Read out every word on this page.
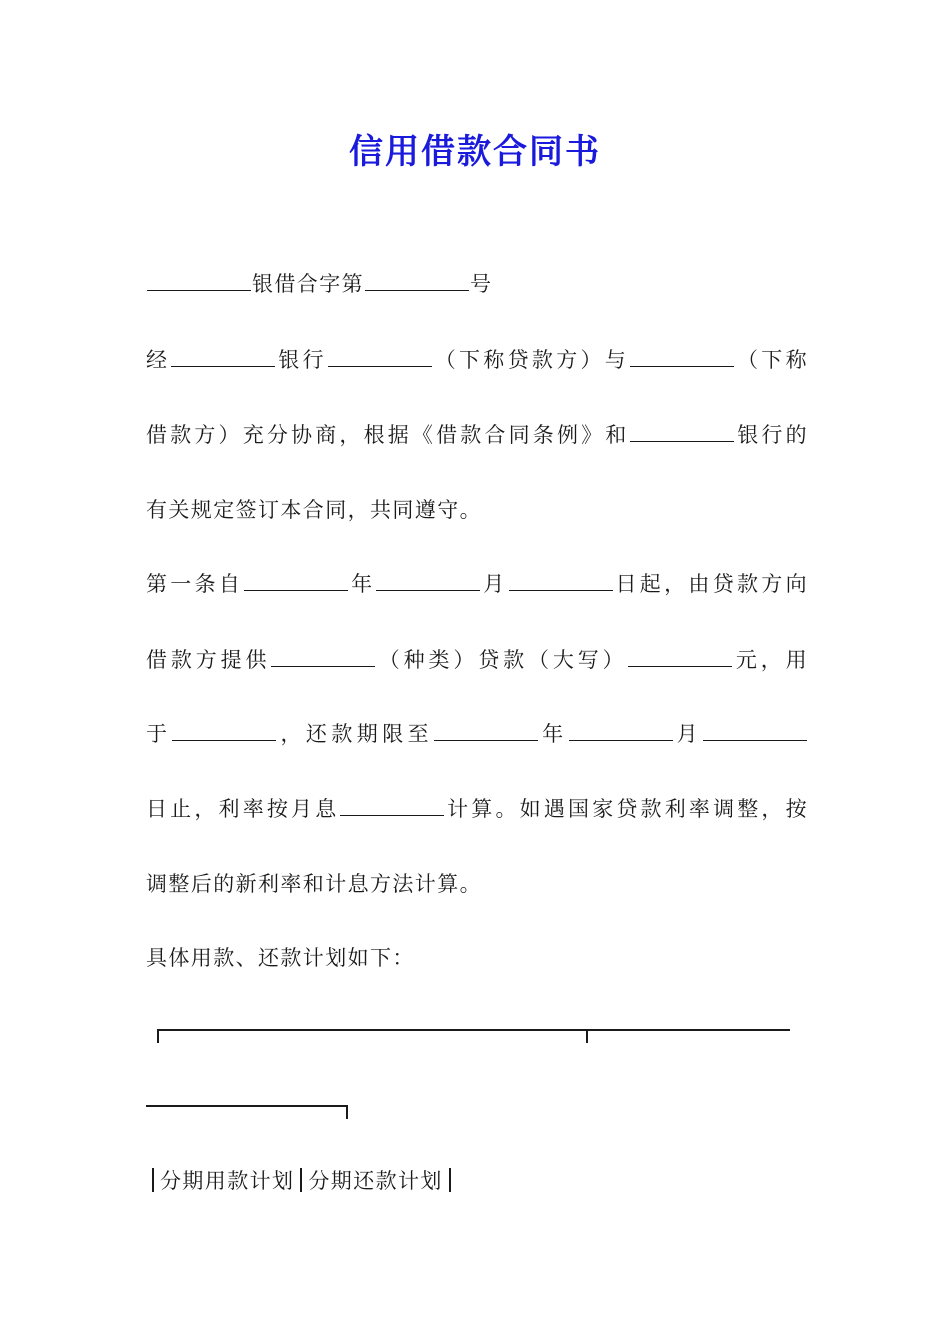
信用借款合同书
银借合字第	号
经	银行	（下称贷款方）与	（下称
借款方）充分协商，根据《借款合同条例》和	银行的
有关规定签订本合同，共同遵守。
第一条自	年	月	日起，由贷款方向
借款方提供	（种类）贷款（大写）	元，用
于	，还款期限至	年	月
日止，利率按月息	计算。如遇国家贷款利率调整，按
调整后的新利率和计息方法计算。
具体用款、还款计划如下：
分期用款计划 分期还款计划
